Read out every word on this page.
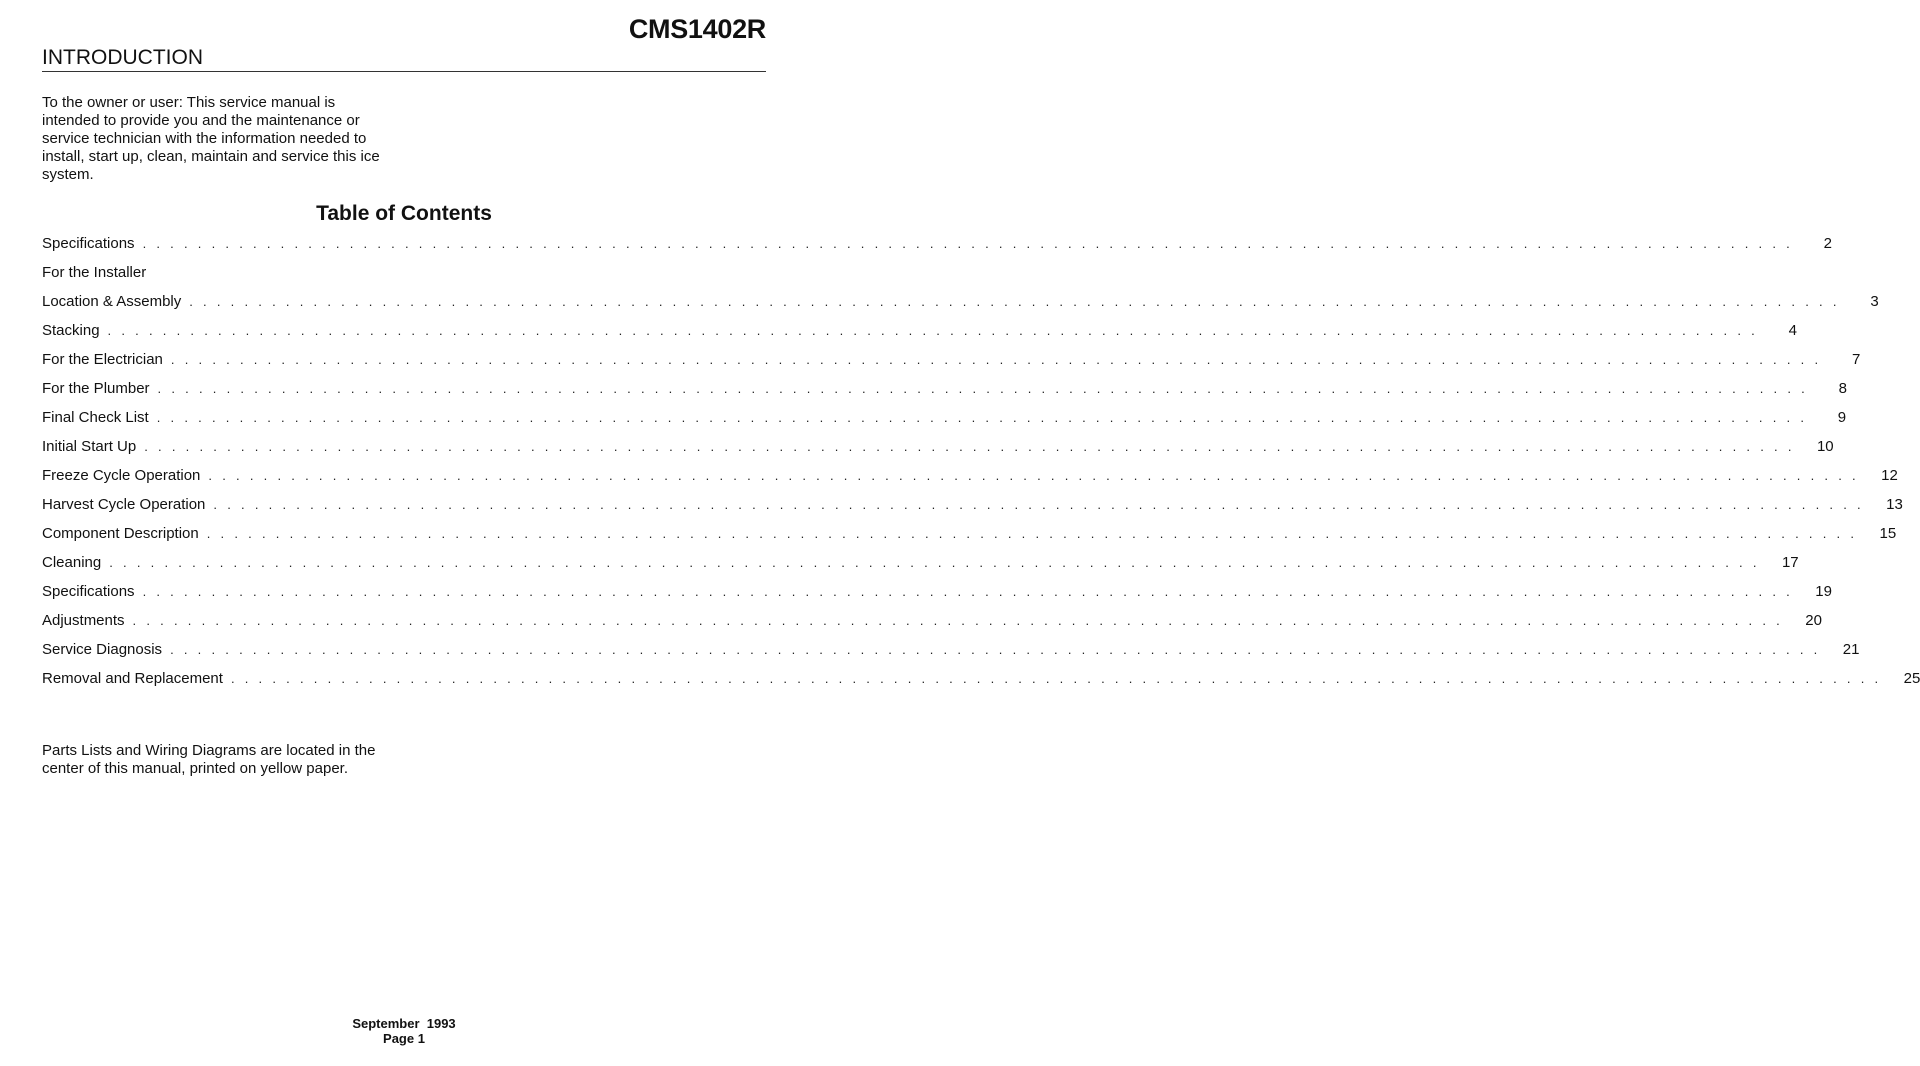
CMS1402R
INTRODUCTION

To the owner or user: This service manual is intended to provide you and the maintenance or service technician with the information needed to install, start up, clean, maintain and service this ice system.

Table of Contents
Specifications ........................................................................................................................	2
For the Installer
Location & Assembly ........................................................................................................................	3
Stacking ........................................................................................................................	4
For the Electrician ........................................................................................................................	7
For the Plumber ........................................................................................................................	8
Final Check List ........................................................................................................................	9
Initial Start Up ........................................................................................................................	10
Freeze Cycle Operation ........................................................................................................................	12
Harvest Cycle Operation ........................................................................................................................	13
Component Description ........................................................................................................................	15
Cleaning ........................................................................................................................	17
Specifications ........................................................................................................................	19
Adjustments ........................................................................................................................	20
Service Diagnosis ........................................................................................................................	21
Removal and Replacement ........................................................................................................................	25

Parts Lists and Wiring Diagrams are located in the center of this manual, printed on yellow paper.

September  1993
Page 1
